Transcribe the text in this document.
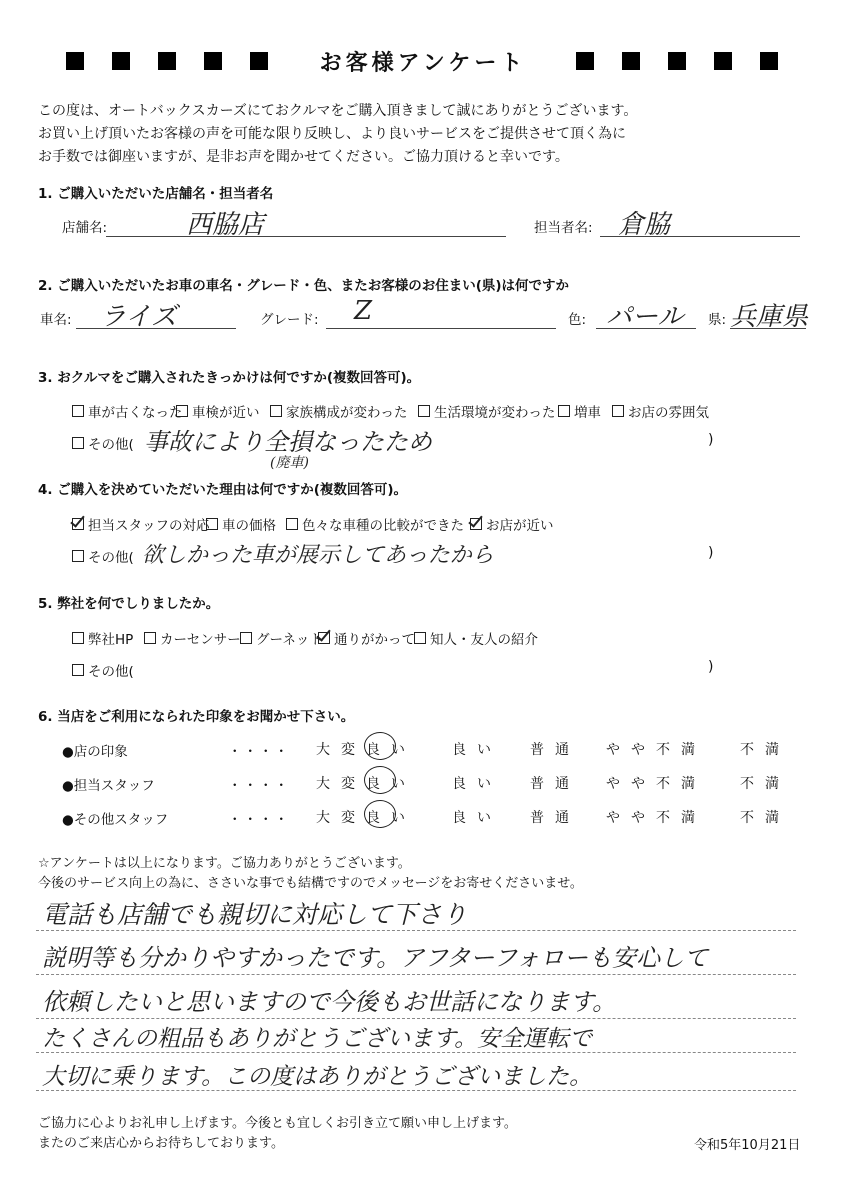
お客様アンケート
この度は、オートバックスカーズにておクルマをご購入頂きまして誠にありがとうございます。
お買い上げ頂いたお客様の声を可能な限り反映し、より良いサービスをご提供させて頂く為に
お手数では御座いますが、是非お声を聞かせてください。ご協力頂けると幸いです。
1. ご購入いただいた店舗名・担当者名
店舗名:	西脇店	担当者名: 倉脇
2. ご購入いただいたお車の車名・グレード・色、またお客様のお住まい(県)は何ですか
車名: ライズ	グレード: Z	色: パール 県: 兵庫県
3. おクルマをご購入されたきっかけは何ですか(複数回答可)。
車が古くなった 車検が近い 家族構成が変わった 生活環境が変わった 増車 お店の雰囲気
その他( 事故により全損なったため
(廃車)
)
4. ご購入を決めていただいた理由は何ですか(複数回答可)。
担当スタッフの対応 車の価格 色々な車種の比較ができた お店が近い
その他( 欲しかった車が展示してあったから	)
5. 弊社を何でしりましたか。
弊社HP カーセンサー グーネット 通りがかって 知人・友人の紹介
その他(	)
6. 当店をご利用になられた印象をお聞かせ下さい。
●店の印象	・・・・ 大変良い	良い 普通 やや不満 不満
●担当スタッフ	・・・・ 大変良い	良い 普通 やや不満 不満
●その他スタッフ	・・・・ 大変良い	良い 普通 やや不満 不満
☆アンケートは以上になります。ご協力ありがとうございます。
今後のサービス向上の為に、ささいな事でも結構ですのでメッセージをお寄せくださいませ。
電話も店舗でも親切に対応して下さり
説明等も分かりやすかったです。アフターフォローも安心して
依頼したいと思いますので今後もお世話になります。
たくさんの粗品もありがとうございます。安全運転で
大切に乗ります。この度はありがとうございました。
ご協力に心よりお礼申し上げます。今後とも宜しくお引き立て願い申し上げます。
またのご来店心からお待ちしております。	令和5年10月21日
